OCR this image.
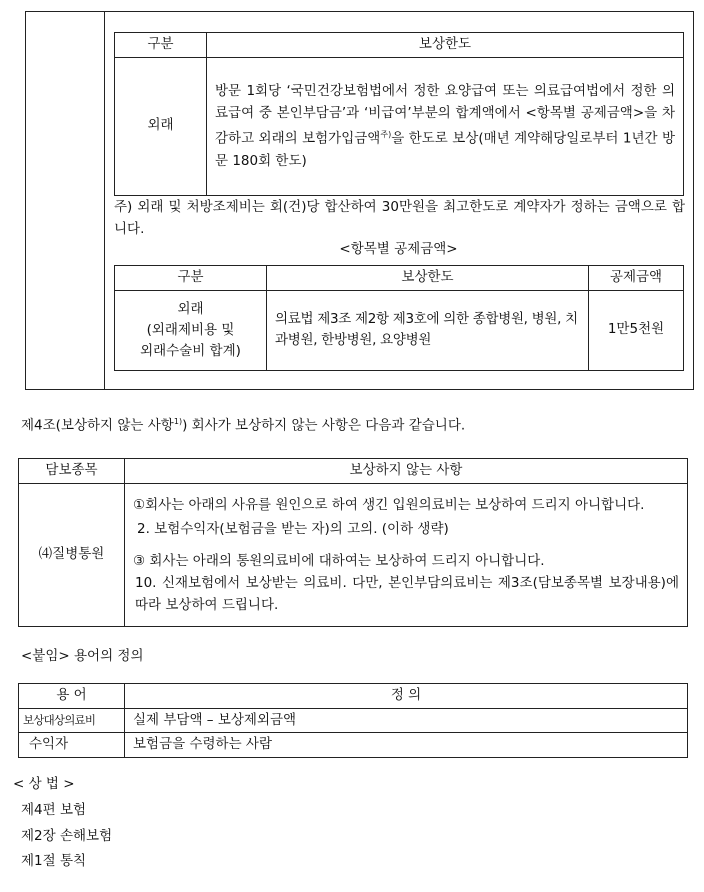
구분	보상한도
외래	방문 1회당 ‘국민건강보험법에서 정한 요양급여 또는 의료급여법에서 정한 의료급여 중 본인부담금’과 ‘비급여’부분의 합계액에서 <항목별 공제금액>을 차감하고 외래의 보험가입금액$^{주)}$을 한도로 보상(매년 계약해당일로부터 1년간 방문 180회 한도)

주) 외래 및 처방조제비는 회(건)당 합산하여 30만원을 최고한도로 계약자가 정하는 금액으로 합니다.

<항목별 공제금액>

구분	보상한도	공제금액

외래
(외래제비용 및
외래수술비 합계)	의료법 제3조 제2항 제3호에 의한 종합병원, 병원, 치과병원, 한방병원, 요양병원	1만5천원

제4조(보상하지 않는 사항$^{1)}$) 회사가 보상하지 않는 사항은 다음과 같습니다.

담보종목	보상하지 않는 사항
⑷질병통원	①회사는 아래의 사유를 원인으로 하여 생긴 입원의료비는 보상하여 드리지 아니합니다.
2. 보험수익자(보험금을 받는 자)의 고의. (이하 생략)
③ 회사는 아래의 통원의료비에 대하여는 보상하여 드리지 아니합니다.
10. 신재보험에서 보상받는 의료비. 다만, 본인부담의료비는 제3조(담보종목별 보장내용)에 따라 보상하여 드립니다.

<붙임> 용어의 정의

용 어	정 의
보상대상의료비	실제 부담액 – 보상제외금액
수익자	보험금을 수령하는 사람

< 상 법 >

제4편 보험

제2장 손해보험

제1절 통칙
